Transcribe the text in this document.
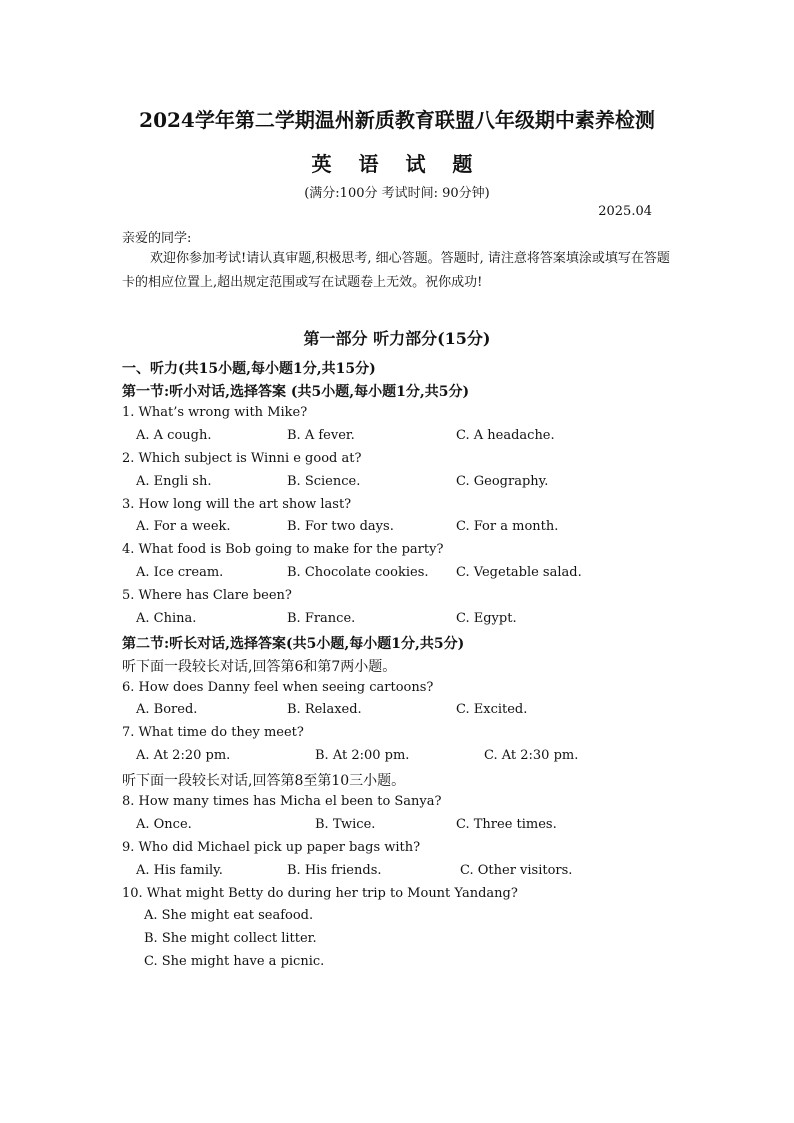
2024学年第二学期温州新质教育联盟八年级期中素养检测
英 语 试 题
(满分:100分 考试时间: 90分钟)
2025.04
亲爱的同学:
欢迎你参加考试!请认真审题,积极思考, 细心答题。答题时, 请注意将答案填涂或填写在答题卡的相应位置上,超出规定范围或写在试题卷上无效。祝你成功!
第一部分 听力部分(15分)
一、听力(共15小题,每小题1分,共15分)
第一节:听小对话,选择答案 (共5小题,每小题1分,共5分)
1. What’s wrong with Mike?
A. A cough.	B. A fever.	C. A headache.
2. Which subject is Winni e good at?
A. Engli sh.	B. Science.	C. Geography.
3. How long will the art show last?
A. For a week.	B. For two days.	C. For a month.
4. What food is Bob going to make for the party?
A. Ice cream.	B. Chocolate cookies. C. Vegetable salad.
5. Where has Clare been?
A. China.	B. France.	C. Egypt.
第二节:听长对话,选择答案(共5小题,每小题1分,共5分)
听下面一段较长对话,回答第6和第7两小题。
6. How does Danny feel when seeing cartoons?
A. Bored.	B. Relaxed.	C. Excited.
7. What time do they meet?
A. At 2:20 pm.	B. At 2:00 pm.	C. At 2:30 pm.
听下面一段较长对话,回答第8至第10三小题。
8. How many times has Micha el been to Sanya?
A. Once.	B. Twice.	C. Three times.
9. Who did Michael pick up paper bags with?
A. His family.	B. His friends.	C. Other visitors.
10. What might Betty do during her trip to Mount Yandang?
A. She might eat seafood.
B. She might collect litter.
C. She might have a picnic.
